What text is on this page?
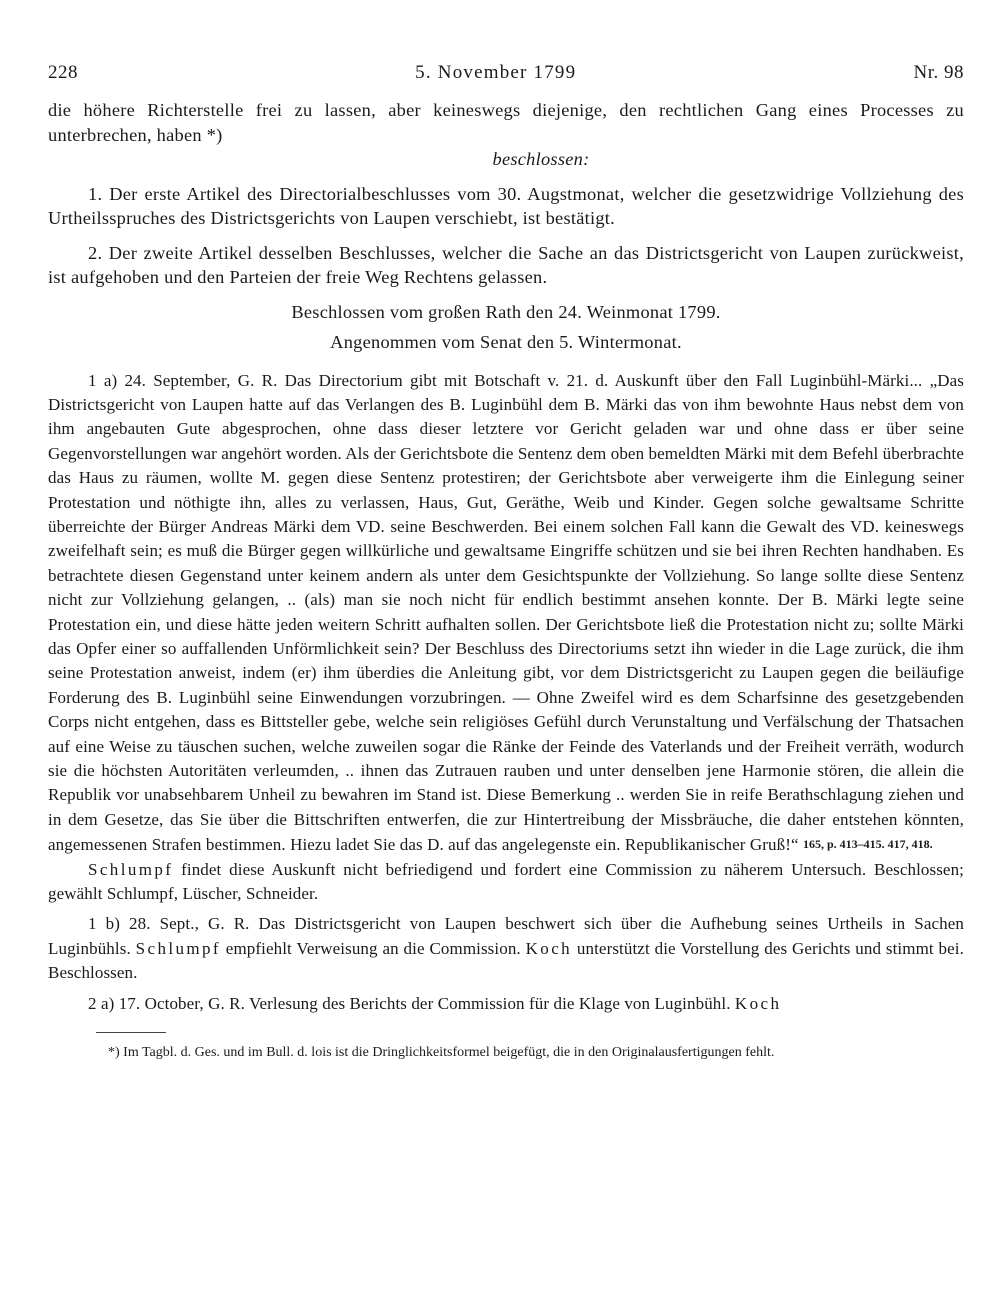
228	5. November 1799	Nr. 98

die höhere Richterstelle frei zu lassen, aber keineswegs diejenige, den rechtlichen Gang eines Processes zu unterbrechen, haben *)

beschlossen:

1. Der erste Artikel des Directorialbeschlusses vom 30. Augstmonat, welcher die gesetzwidrige Vollziehung des Urtheilsspruches des Districtsgerichts von Laupen verschiebt, ist bestätigt.

2. Der zweite Artikel desselben Beschlusses, welcher die Sache an das Districtsgericht von Laupen zurückweist, ist aufgehoben und den Parteien der freie Weg Rechtens gelassen.

Beschlossen vom großen Rath den 24. Weinmonat 1799.

Angenommen vom Senat den 5. Wintermonat.

1 a) 24. September, G. R. Das Directorium gibt mit Botschaft v. 21. d. Auskunft über den Fall Luginbühl-Märki... „Das Districtsgericht von Laupen hatte auf das Verlangen des B. Luginbühl dem B. Märki das von ihm bewohnte Haus nebst dem von ihm angebauten Gute abgesprochen, ohne dass dieser letztere vor Gericht geladen war und ohne dass er über seine Gegenvorstellungen war angehört worden. Als der Gerichtsbote die Sentenz dem oben bemeldten Märki mit dem Befehl überbrachte das Haus zu räumen, wollte M. gegen diese Sentenz protestiren; der Gerichtsbote aber verweigerte ihm die Einlegung seiner Protestation und nöthigte ihn, alles zu verlassen, Haus, Gut, Geräthe, Weib und Kinder. Gegen solche gewaltsame Schritte überreichte der Bürger Andreas Märki dem VD. seine Beschwerden. Bei einem solchen Fall kann die Gewalt des VD. keineswegs zweifelhaft sein; es muß die Bürger gegen willkürliche und gewaltsame Eingriffe schützen und sie bei ihren Rechten handhaben. Es betrachtete diesen Gegenstand unter keinem andern als unter dem Gesichtspunkte der Vollziehung. So lange sollte diese Sentenz nicht zur Vollziehung gelangen, .. (als) man sie noch nicht für endlich bestimmt ansehen konnte. Der B. Märki legte seine Protestation ein, und diese hätte jeden weitern Schritt aufhalten sollen. Der Gerichtsbote ließ die Protestation nicht zu; sollte Märki das Opfer einer so auffallenden Unförmlichkeit sein? Der Beschluss des Directoriums setzt ihn wieder in die Lage zurück, die ihm seine Protestation anweist, indem (er) ihm überdies die Anleitung gibt, vor dem Districtsgericht zu Laupen gegen die beiläufige Forderung des B. Luginbühl seine Einwendungen vorzubringen. — Ohne Zweifel wird es dem Scharfsinne des gesetzgebenden Corps nicht entgehen, dass es Bittsteller gebe, welche sein religiöses Gefühl durch Verunstaltung und Verfälschung der Thatsachen auf eine Weise zu täuschen suchen, welche zuweilen sogar die Ränke der Feinde des Vaterlands und der Freiheit verräth, wodurch sie die höchsten Autoritäten verleumden, .. ihnen das Zutrauen rauben und unter denselben jene Harmonie stören, die allein die Republik vor unabsehbarem Unheil zu bewahren im Stand ist. Diese Bemerkung .. werden Sie in reife Berathschlagung ziehen und in dem Gesetze, das Sie über die Bittschriften entwerfen, die zur Hintertreibung der Missbräuche, die daher entstehen könnten, angemessenen Strafen bestimmen. Hiezu ladet Sie das D. auf das angelegenste ein. Republikanischer Gruß!“ 165, p. 413–415. 417, 418.

Schlumpf findet diese Auskunft nicht befriedigend und fordert eine Commission zu näherem Untersuch. Beschlossen; gewählt Schlumpf, Lüscher, Schneider.

1 b) 28. Sept., G. R. Das Districtsgericht von Laupen beschwert sich über die Aufhebung seines Urtheils in Sachen Luginbühls. Schlumpf empfiehlt Verweisung an die Commission. Koch unterstützt die Vorstellung des Gerichts und stimmt bei. Beschlossen.

2 a) 17. October, G. R. Verlesung des Berichts der Commission für die Klage von Luginbühl. Koch

*) Im Tagbl. d. Ges. und im Bull. d. lois ist die Dringlichkeitsformel beigefügt, die in den Originalausfertigungen fehlt.
